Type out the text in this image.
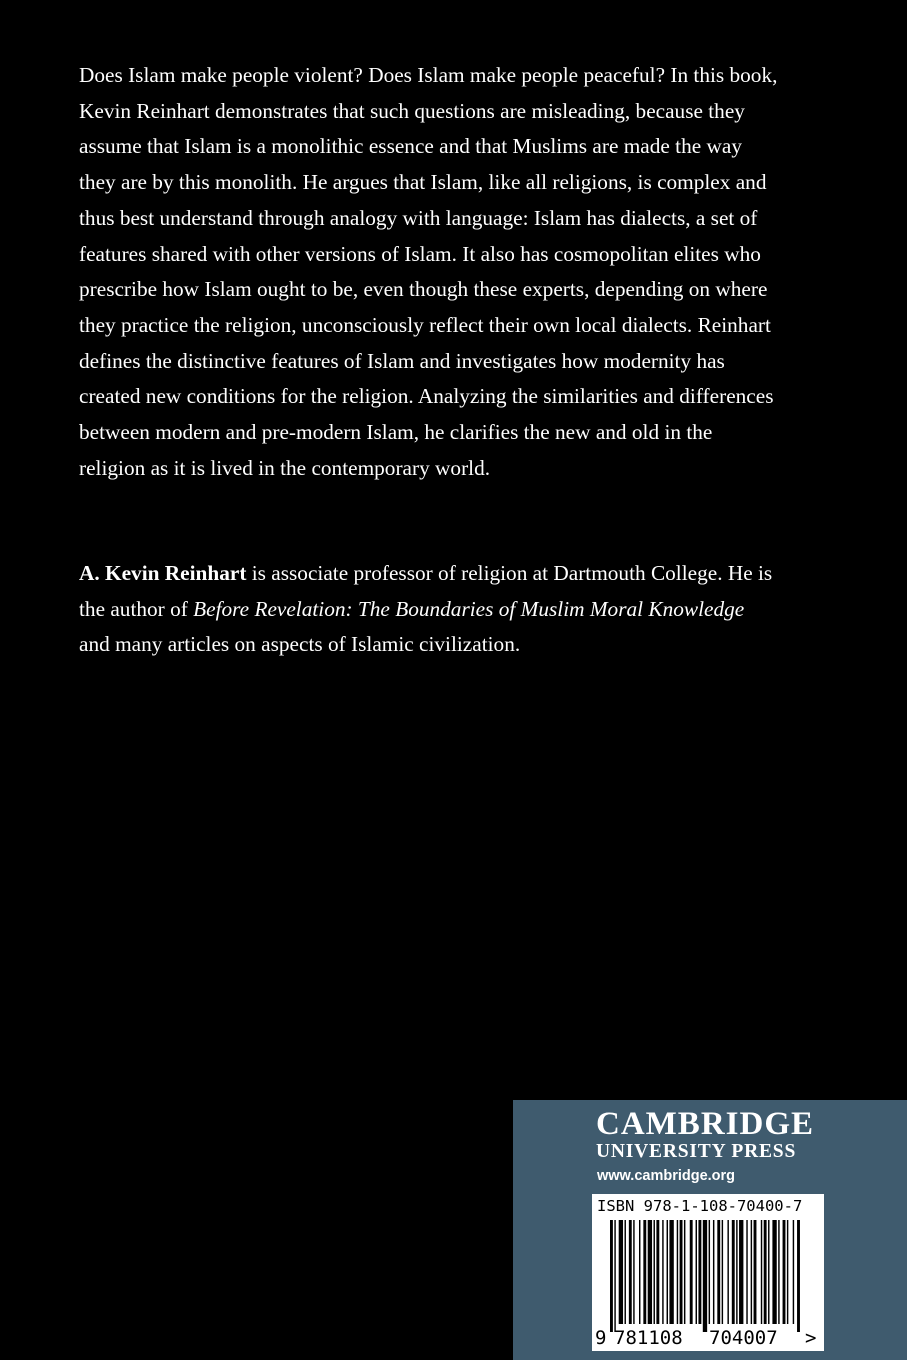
Does Islam make people violent? Does Islam make people peaceful? In this book, Kevin Reinhart demonstrates that such questions are misleading, because they assume that Islam is a monolithic essence and that Muslims are made the way they are by this monolith. He argues that Islam, like all religions, is complex and thus best understand through analogy with language: Islam has dialects, a set of features shared with other versions of Islam. It also has cosmopolitan elites who prescribe how Islam ought to be, even though these experts, depending on where they practice the religion, unconsciously reflect their own local dialects. Reinhart defines the distinctive features of Islam and investigates how modernity has created new conditions for the religion. Analyzing the similarities and differences between modern and pre-modern Islam, he clarifies the new and old in the religion as it is lived in the contemporary world.

A. Kevin Reinhart is associate professor of religion at Dartmouth College. He is the author of Before Revelation: The Boundaries of Muslim Moral Knowledge and many articles on aspects of Islamic civilization.

CAMBRIDGE
UNIVERSITY PRESS
www.cambridge.org
ISBN 978-1-108-70400-7
9 781108 704007 >
